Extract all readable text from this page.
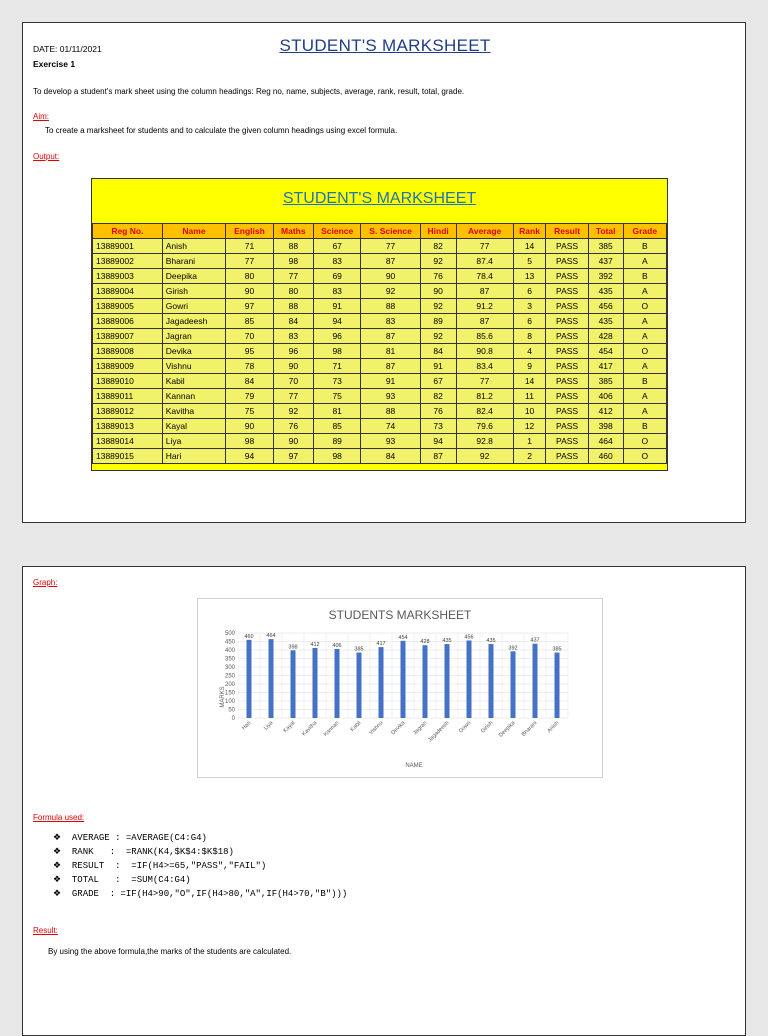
DATE: 01/11/2021
Exercise 1
STUDENT'S MARKSHEET
To develop a student's mark sheet using the column headings: Reg no, name, subjects, average, rank, result, total, grade.
Aim:
To create a marksheet for students and to calculate the given column headings using excel formula.
Output:
STUDENT'S MARKSHEET
Reg No.	Name	English	Maths	Science	S. Science	Hindi	Average	Rank	Result	Total	Grade
13889001	Anish	71	88	67	77	82	77	14	PASS	385	B
13889002	Bharani	77	98	83	87	92	87.4	5	PASS	437	A
13889003	Deepika	80	77	69	90	76	78.4	13	PASS	392	B
13889004	Girish	90	80	83	92	90	87	6	PASS	435	A
13889005	Gowri	97	88	91	88	92	91.2	3	PASS	456	O
13889006	Jagadeesh	85	84	94	83	89	87	6	PASS	435	A
13889007	Jagran	70	83	96	87	92	85.6	8	PASS	428	A
13889008	Devika	95	96	98	81	84	90.8	4	PASS	454	O
13889009	Vishnu	78	90	71	87	91	83.4	9	PASS	417	A
13889010	Kabil	84	70	73	91	67	77	14	PASS	385	B
13889011	Kannan	79	77	75	93	82	81.2	11	PASS	406	A
13889012	Kavitha	75	92	81	88	76	82.4	10	PASS	412	A
13889013	Kayal	90	76	85	74	73	79.6	12	PASS	398	B
13889014	Liya	98	90	89	93	94	92.8	1	PASS	464	O
13889015	Hari	94	97	98	84	87	92	2	PASS	460	O
Graph:
STUDENTS MARKSHEET
MARKS
NAME
0
50
100
150
200
250
300
350
400
450
500 460
Hari
464
Liya
398
Kayal
412
Kavitha
406
Kannan
385
Kabil
417
Vishnu
454
Devika
428
Jagran
435
Jagadeesh
456
Gowri
435
Girish
392
Deepika
437
Bharani
385
Anish
Formula used:
❖ AVERAGE : =AVERAGE(C4:G4)
❖ RANK   :  =RANK(K4,$K$4:$K$18)
❖ RESULT  :  =IF(H4>=65,"PASS","FAIL")
❖ TOTAL   :  =SUM(C4:G4)
❖ GRADE  : =IF(H4>90,"O",IF(H4>80,"A",IF(H4>70,"B")))
Result:
By using the above formula,the marks of the students are calculated.
